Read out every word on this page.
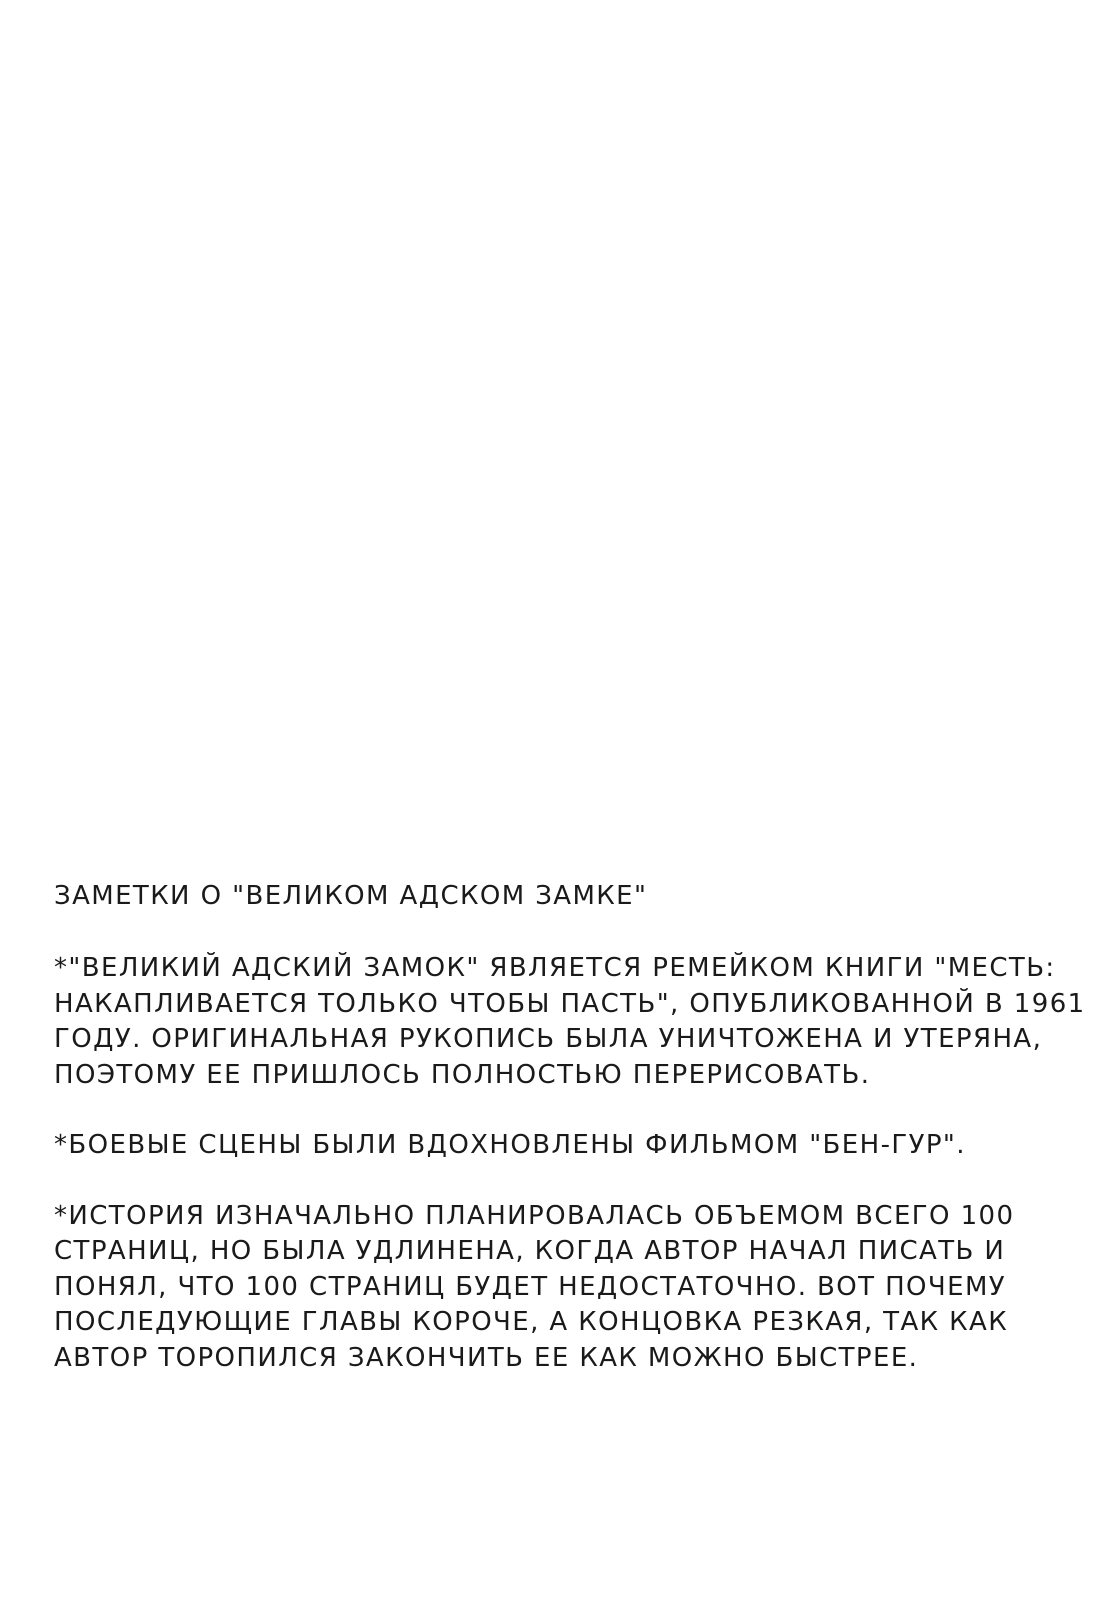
ЗАМЕТКИ О "ВЕЛИКОМ АДСКОМ ЗАМКЕ"
*"ВЕЛИКИЙ АДСКИЙ ЗАМОК" ЯВЛЯЕТСЯ РЕМЕЙКОМ КНИГИ "МЕСТЬ:
НАКАПЛИВАЕТСЯ ТОЛЬКО ЧТОБЫ ПАСТЬ", ОПУБЛИКОВАННОЙ В 1961
ГОДУ. ОРИГИНАЛЬНАЯ РУКОПИСЬ БЫЛА УНИЧТОЖЕНА И УТЕРЯНА,
ПОЭТОМУ ЕЕ ПРИШЛОСЬ ПОЛНОСТЬЮ ПЕРЕРИСОВАТЬ.
*БОЕВЫЕ СЦЕНЫ БЫЛИ ВДОХНОВЛЕНЫ ФИЛЬМОМ "БЕН-ГУР".
*ИСТОРИЯ ИЗНАЧАЛЬНО ПЛАНИРОВАЛАСЬ ОБЪЕМОМ ВСЕГО 100
СТРАНИЦ, НО БЫЛА УДЛИНЕНА, КОГДА АВТОР НАЧАЛ ПИСАТЬ И
ПОНЯЛ, ЧТО 100 СТРАНИЦ БУДЕТ НЕДОСТАТОЧНО. ВОТ ПОЧЕМУ
ПОСЛЕДУЮЩИЕ ГЛАВЫ КОРОЧЕ, А КОНЦОВКА РЕЗКАЯ, ТАК КАК
АВТОР ТОРОПИЛСЯ ЗАКОНЧИТЬ ЕЕ КАК МОЖНО БЫСТРЕЕ.
